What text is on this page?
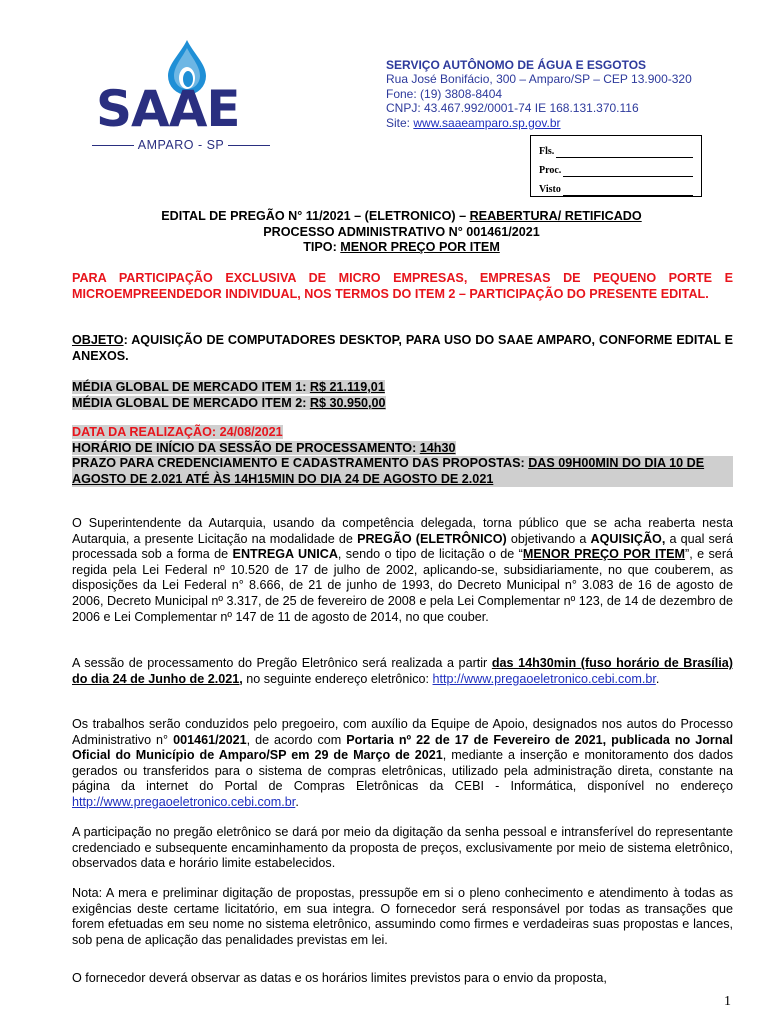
SAAE
AMPARO - SP
SERVIÇO AUTÔNOMO DE ÁGUA E ESGOTOS
Rua José Bonifácio, 300 – Amparo/SP – CEP 13.900-320
Fone: (19) 3808-8404
CNPJ: 43.467.992/0001-74 IE 168.131.370.116
Site: www.saaeamparo.sp.gov.br
Fls.
Proc.
Visto
EDITAL DE PREGÃO N° 11/2021 – (ELETRONICO) – REABERTURA/ RETIFICADO
PROCESSO ADMINISTRATIVO N° 001461/2021
TIPO: MENOR PREÇO POR ITEM
PARA PARTICIPAÇÃO EXCLUSIVA DE MICRO EMPRESAS, EMPRESAS DE PEQUENO PORTE E MICROEMPREENDEDOR INDIVIDUAL, NOS TERMOS DO ITEM 2 – PARTICIPAÇÃO DO PRESENTE EDITAL.
OBJETO: AQUISIÇÃO DE COMPUTADORES DESKTOP, PARA USO DO SAAE AMPARO, CONFORME EDITAL E ANEXOS.
MÉDIA GLOBAL DE MERCADO ITEM 1: R$ 21.119,01
MÉDIA GLOBAL DE MERCADO ITEM 2: R$ 30.950,00
DATA DA REALIZAÇÃO: 24/08/2021
HORÁRIO DE INÍCIO DA SESSÃO DE PROCESSAMENTO: 14h30
PRAZO PARA CREDENCIAMENTO E CADASTRAMENTO DAS PROPOSTAS: DAS 09H00MIN DO DIA 10 DE AGOSTO DE 2.021 ATÉ ÀS 14H15MIN DO DIA 24 DE AGOSTO DE 2.021
O Superintendente da Autarquia, usando da competência delegada, torna público que se acha reaberta nesta Autarquia, a presente Licitação na modalidade de PREGÃO (ELETRÔNICO) objetivando a AQUISIÇÃO, a qual será processada sob a forma de ENTREGA UNICA, sendo o tipo de licitação o de “MENOR PREÇO POR ITEM”, e será regida pela Lei Federal nº 10.520 de 17 de julho de 2002, aplicando-se, subsidiariamente, no que couberem, as disposições da Lei Federal n° 8.666, de 21 de junho de 1993, do Decreto Municipal n° 3.083 de 16 de agosto de 2006, Decreto Municipal nº 3.317, de 25 de fevereiro de 2008 e pela Lei Complementar nº 123, de 14 de dezembro de 2006 e Lei Complementar nº 147 de 11 de agosto de 2014, no que couber.
A sessão de processamento do Pregão Eletrônico será realizada a partir das 14h30min (fuso horário de Brasília) do dia 24 de Junho de 2.021, no seguinte endereço eletrônico: http://www.pregaoeletronico.cebi.com.br.
Os trabalhos serão conduzidos pelo pregoeiro, com auxílio da Equipe de Apoio, designados nos autos do Processo Administrativo n° 001461/2021, de acordo com Portaria nº 22 de 17 de Fevereiro de 2021, publicada no Jornal Oficial do Município de Amparo/SP em 29 de Março de 2021, mediante a inserção e monitoramento dos dados gerados ou transferidos para o sistema de compras eletrônicas, utilizado pela administração direta, constante na página da internet do Portal de Compras Eletrônicas da CEBI - Informática, disponível no endereço http://www.pregaoeletronico.cebi.com.br.
A participação no pregão eletrônico se dará por meio da digitação da senha pessoal e intransferível do representante credenciado e subsequente encaminhamento da proposta de preços, exclusivamente por meio de sistema eletrônico, observados data e horário limite estabelecidos.
Nota: A mera e preliminar digitação de propostas, pressupõe em si o pleno conhecimento e atendimento à todas as exigências deste certame licitatório, em sua integra. O fornecedor será responsável por todas as transações que forem efetuadas em seu nome no sistema eletrônico, assumindo como firmes e verdadeiras suas propostas e lances, sob pena de aplicação das penalidades previstas em lei.
O fornecedor deverá observar as datas e os horários limites previstos para o envio da proposta,
1
